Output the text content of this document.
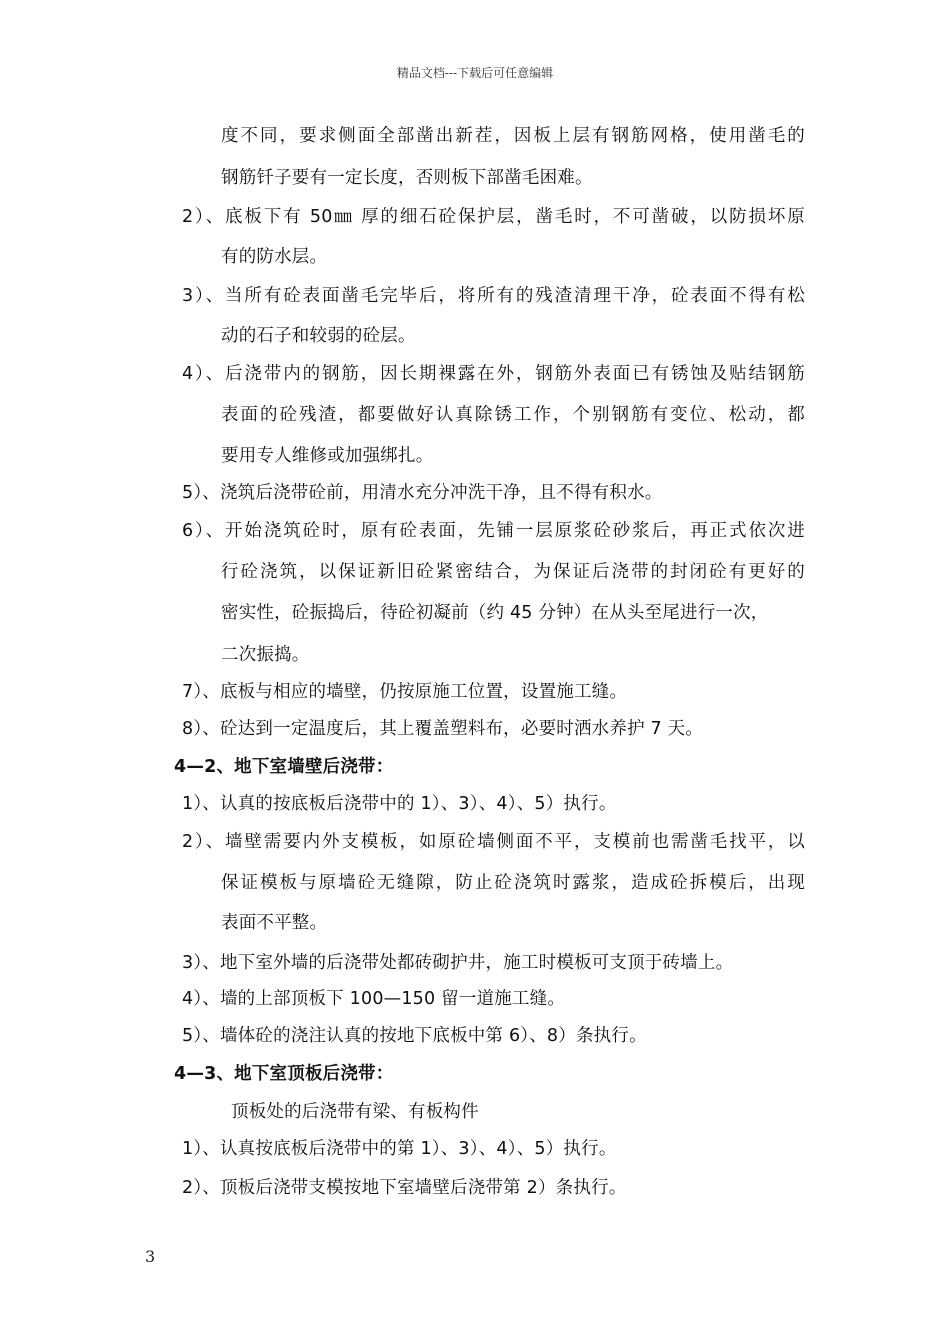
精品文档---下载后可任意编辑
度不同，要求侧面全部凿出新茬，因板上层有钢筋网格，使用凿毛的
钢筋钎子要有一定长度，否则板下部凿毛困难。
2）、底板下有 50㎜ 厚的细石砼保护层，凿毛时，不可凿破，以防损坏原
有的防水层。
3）、当所有砼表面凿毛完毕后，将所有的残渣清理干净，砼表面不得有松
动的石子和较弱的砼层。
4）、后浇带内的钢筋，因长期裸露在外，钢筋外表面已有锈蚀及贴结钢筋
表面的砼残渣，都要做好认真除锈工作，个别钢筋有变位、松动，都
要用专人维修或加强绑扎。
5）、浇筑后浇带砼前，用清水充分冲洗干净，且不得有积水。
6）、开始浇筑砼时，原有砼表面，先铺一层原浆砼砂浆后，再正式依次进
行砼浇筑，以保证新旧砼紧密结合，为保证后浇带的封闭砼有更好的
密实性，砼振捣后，待砼初凝前（约 45 分钟）在从头至尾进行一次，
二次振捣。
7）、底板与相应的墙壁，仍按原施工位置，设置施工缝。
8）、砼达到一定温度后，其上覆盖塑料布，必要时洒水养护 7 天。
4—2、地下室墙壁后浇带：
1）、认真的按底板后浇带中的 1）、3）、4）、5）执行。
2）、墙壁需要内外支模板，如原砼墙侧面不平，支模前也需凿毛找平，以
保证模板与原墙砼无缝隙，防止砼浇筑时露浆，造成砼拆模后，出现
表面不平整。
3）、地下室外墙的后浇带处都砖砌护井，施工时模板可支顶于砖墙上。
4）、墙的上部顶板下 100—150 留一道施工缝。
5）、墙体砼的浇注认真的按地下底板中第 6）、8）条执行。
4—3、地下室顶板后浇带：
顶板处的后浇带有梁、有板构件
1）、认真按底板后浇带中的第 1）、3）、4）、5）执行。
2）、顶板后浇带支模按地下室墙壁后浇带第 2）条执行。
3
